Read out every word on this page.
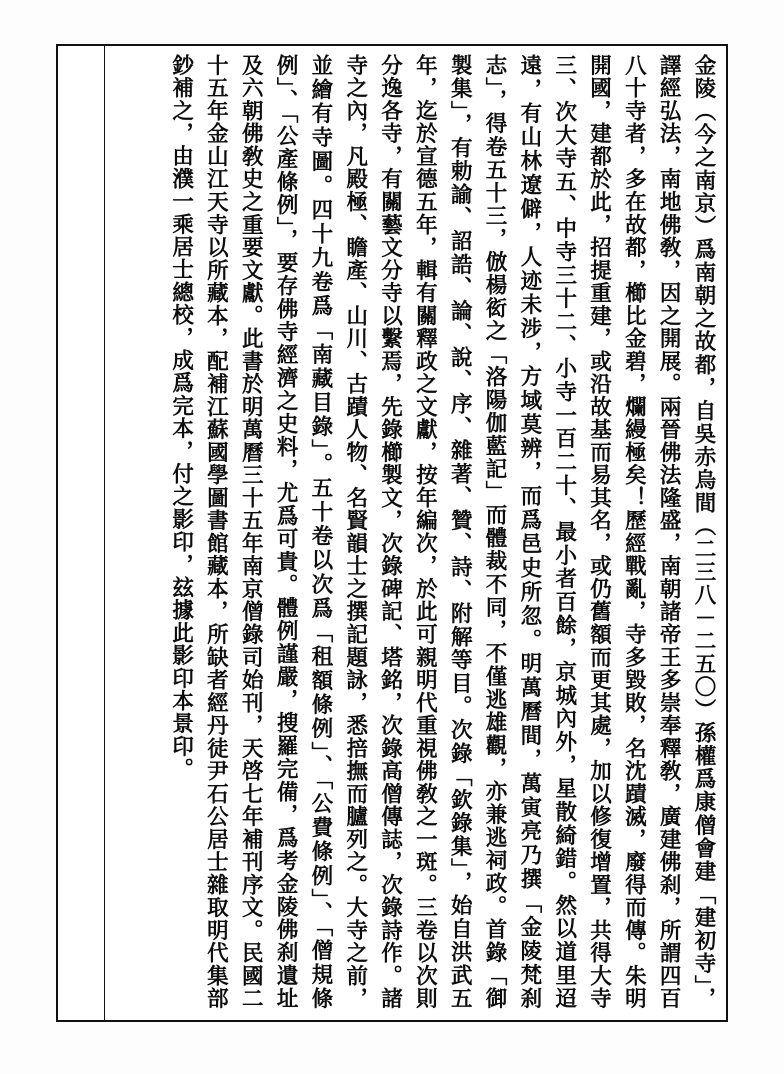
金陵（今之南京）爲南朝之故都，自吳赤烏間（二三八－二五〇）孫權爲康僧會建「建初寺」，譯經弘法，南地佛敎，因之開展。兩晉佛法隆盛，南朝諸帝王多崇奉釋敎，廣建佛刹，所謂四百八十寺者，多在故都，櫛比金碧，爛縵極矣！歷經戰亂，寺多毀敗，名沈蹟滅，廢得而傳。朱明開國，建都於此，招提重建，或沿故基而易其名，或仍舊額而更其處，加以修復增置，共得大寺三、次大寺五、中寺三十二、小寺一百二十、最小者百餘，京城內外，星散綺錯。然以道里迢遠，有山林遼僻，人迹未涉，方域莫辨，而爲邑史所忽。明萬曆間，萬寅亮乃撰「金陵梵刹志」，得卷五十三，倣楊衒之「洛陽伽藍記」而體裁不同，不僅逃雄觀，亦兼逃祠政。首錄「御製集」，有勅諭、詔誥、論、說、序、雜著、贊、詩、附解等目。次錄「欽錄集」，始自洪武五年，迄於宣德五年，輯有關釋政之文獻，按年編次，於此可親明代重視佛敎之一斑。三卷以次則分逸各寺，有關藝文分寺以繫焉，先錄櫛製文，次錄碑記、塔銘，次錄高僧傳誌，次錄詩作。諸寺之內，凡殿極、瞻產、山川、古蹟人物、名賢韻士之撰記題詠，悉掊撫而臚列之。大寺之前，並繪有寺圖。四十九卷爲「南藏目錄」。五十卷以次爲「租額條例」、「公費條例」、「僧規條例」、「公產條例」，要存佛寺經濟之史料，尤爲可貴。體例謹嚴，搜羅完備，爲考金陵佛刹遺址及六朝佛敎史之重要文獻。此書於明萬曆三十五年南京僧錄司始刊，天啓七年補刊序文。民國二十五年金山江天寺以所藏本，配補江蘇國學圖書館藏本，所缺者經丹徒尹石公居士雜取明代集部鈔補之，由濮一乘居士總校，成爲完本，付之影印，玆據此影印本景印。
